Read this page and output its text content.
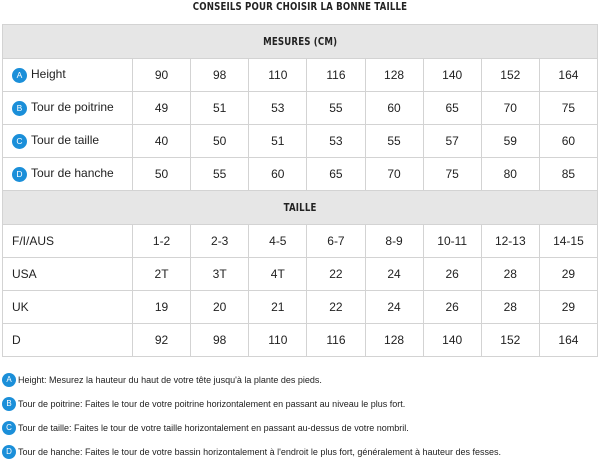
CONSEILS POUR CHOISIR LA BONNE TAILLE
MESURES (CM)								
A Height	90	98	110	116	128	140	152	164
B Tour de poitrine	49	51	53	55	60	65	70	75
C Tour de taille	40	50	51	53	55	57	59	60
D Tour de hanche	50	55	60	65	70	75	80	85
TAILLE								
F/I/AUS	1-2	2-3	4-5	6-7	8-9	10-11	12-13	14-15
USA	2T	3T	4T	22	24	26	28	29
UK	19	20	21	22	24	26	28	29
D	92	98	110	116	128	140	152	164
A Height: Mesurez la hauteur du haut de votre tête jusqu'à la plante des pieds.
B Tour de poitrine: Faites le tour de votre poitrine horizontalement en passant au niveau le plus fort.
C Tour de taille: Faites le tour de votre taille horizontalement en passant au-dessus de votre nombril.
D Tour de hanche: Faites le tour de votre bassin horizontalement à l'endroit le plus fort, généralement à hauteur des fesses.
